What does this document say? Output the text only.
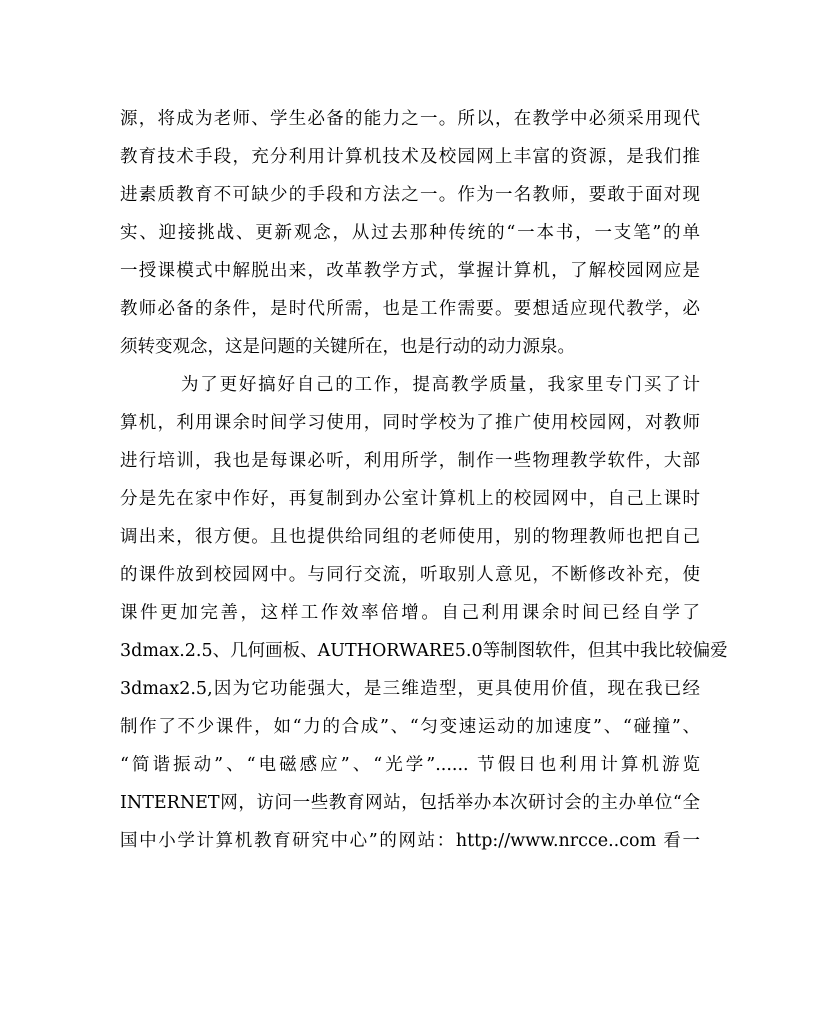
源，将成为老师、学生必备的能力之一。所以，在教学中必须采用现代
教育技术手段，充分利用计算机技术及校园网上丰富的资源，是我们推
进素质教育不可缺少的手段和方法之一。作为一名教师，要敢于面对现
实、迎接挑战、更新观念，从过去那种传统的“一本书，一支笔”的单
一授课模式中解脱出来，改革教学方式，掌握计算机，了解校园网应是
教师必备的条件，是时代所需，也是工作需要。要想适应现代教学，必
须转变观念，这是问题的关键所在，也是行动的动力源泉。
为了更好搞好自己的工作，提高教学质量，我家里专门买了计
算机，利用课余时间学习使用，同时学校为了推广使用校园网，对教师
进行培训，我也是每课必听，利用所学，制作一些物理教学软件，大部
分是先在家中作好，再复制到办公室计算机上的校园网中，自己上课时
调出来，很方便。且也提供给同组的老师使用，别的物理教师也把自己
的课件放到校园网中。与同行交流，听取别人意见，不断修改补充，使
课件更加完善，这样工作效率倍增。自己利用课余时间已经自学了
3dmax.2.5、几何画板、AUTHORWARE5.0等制图软件，但其中我比较偏爱
3dmax2.5,因为它功能强大，是三维造型，更具使用价值，现在我已经
制作了不少课件，如“力的合成”、“匀变速运动的加速度”、“碰撞”、
“简谐振动”、“电磁感应”、“光学”...... 节假日也利用计算机游览
INTERNET网，访问一些教育网站，包括举办本次研讨会的主办单位“全
国中小学计算机教育研究中心”的网站：http://www.nrcce..com 看一
